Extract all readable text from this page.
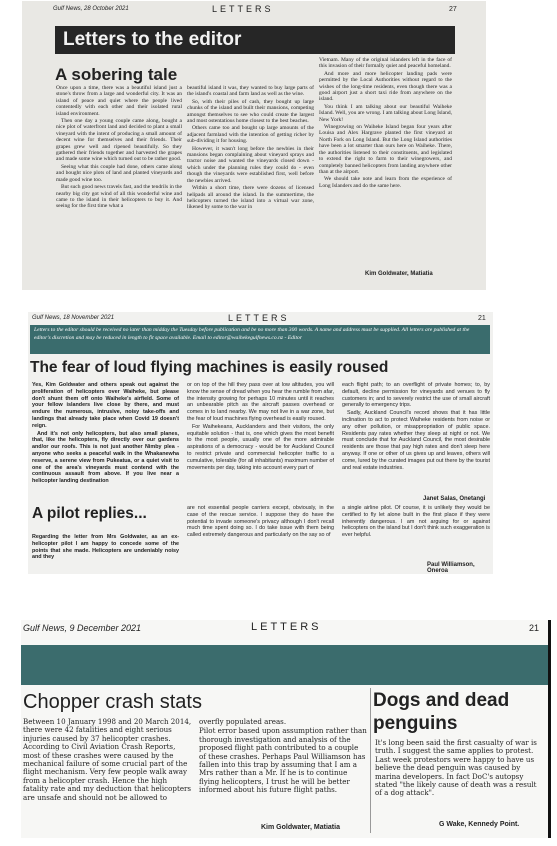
Gulf News, 28 October 2021	LETTERS	27
Letters to the editor
A sobering tale

Once upon a time, there was a beautiful island just a stone's throw from a large and wonderful city. It was an island of peace and quiet where the people lived contentedly with each other and their isolated rural island environment.

Then one day a young couple came along, bought a nice plot of waterfront land and decided to plant a small vineyard with the intent of producing a small amount of decent wine for themselves and their friends. Their grapes grew well and ripened beautifully. So they gathered their friends together and harvested the grapes and made some wine which turned out to be rather good.

Seeing what this couple had done, others came along and bought nice plots of land and planted vineyards and made good wine too.

But such good news travels fast, and the tendrils in the nearby big city got wind of all this wonderful wine and came to the island in their helicopters to buy it. And seeing for the first time what a

beautiful island it was, they wanted to buy large parts of the island's coastal and farm land as well as the wine.

So, with their piles of cash, they bought up large chunks of the island and built their mansions, competing amongst themselves to see who could create the largest and most ostentatious home closest to the best beaches.

Others came too and bought up large amounts of the adjacent farmland with the intention of getting richer by sub-dividing it for housing.

However, it wasn't long before the newbies in their mansions began complaining about vineyard sprays and tractor noise and wanted the vineyards closed down - which under the planning rules they could do - even though the vineyards were established first, well before the newbies arrived.

Within a short time, there were dozens of licensed helipads all around the island. In the summertime, the helicopters turned the island into a virtual war zone, likened by some to the war in

Vietnam. Many of the original islanders left in the face of this invasion of their formally quiet and peaceful homeland.

And more and more helicopter landing pads were permitted by the Local Authorities without regard to the wishes of the long-time residents, even though there was a good airport just a short taxi ride from anywhere on the island.

You think I am talking about our beautiful Waiheke Island. Well, you are wrong. I am talking about Long Island, New York!

Winegrowing on Waiheke Island began four years after Louisa and Alex Hargrave planted the first vineyard at North Fork on Long Island. But the Long Island authorities have been a lot smarter than ours here on Waiheke. There, the authorities listened to their constituents, and legislated to extend the right to farm to their winegrowers, and completely banned helicopters from landing anywhere other than at the airport.

We should take note and learn from the experience of Long Islanders and do the same here.

Kim Goldwater, Matiatia
Gulf News, 18 November 2021	LETTERS	21
Letters to the editor should be received no later than midday the Tuesday before publication and be no more than 300 words. A name and address must be supplied. All letters are published at the editor's discretion and may be reduced in length to fit space available. Email to editor@waihekegulfnews.co.nz - Editor
The fear of loud flying machines is easily roused

Yes, Kim Goldwater and others speak out against the proliferation of helicopters over Waiheke, but please don't shunt them off onto Waiheke's airfield. Some of your fellow islanders live close by there, and must endure the numerous, intrusive, noisy take-offs and landings that already take place when Covid 19 doesn't reign.

And it's not only helicopters, but also small planes, that, like the helicopters, fly directly over our gardens and/or our roofs. This is not just another Nimby plea - anyone who seeks a peaceful walk in the Whakanewha reserve, a serene view from Pukeatua, or a quiet visit to one of the area's vineyards must contend with the continuous assault from above. If you live near a helicopter landing destination

or on top of the hill they pass over at low altitudes, you will know the sense of dread when you hear the rumble from afar, the intensity growing for perhaps 10 minutes until it reaches an unbearable pitch as the aircraft passes overhead or comes in to land nearby. We may not live in a war zone, but the fear of loud machines flying overhead is easily roused.

For Waihekeans, Aucklanders and their visitors, the only equitable solution - that is, one which gives the most benefit to the most people, usually one of the more admirable aspirations of a democracy - would be for Auckland Council to restrict private and commercial helicopter traffic to a cumulative, tolerable (for all inhabitants) maximum number of movements per day, taking into account every part of

each flight path; to an overflight of private homes; to, by default, decline permission for vineyards and venues to fly customers in; and to severely restrict the use of small aircraft generally to emergency trips.

Sadly, Auckland Council's record shows that it has little inclination to act to protect Waiheke residents from noise or any other pollution, or misappropriation of public space. Residents pay rates whether they sleep at night or not. We must conclude that for Auckland Council, the most desirable residents are those that pay high rates and don't sleep here anyway. If one or other of us gives up and leaves, others will come, lured by the curated images put out there by the tourist and real estate industries.

Janet Salas, Onetangi
A pilot replies...

Regarding the letter from Mrs Goldwater, as an ex-helicopter pilot I am happy to concede some of the points that she made. Helicopters are undeniably noisy and they

are not essential people carriers except, obviously, in the case of the rescue service. I suppose they do have the potential to invade someone's privacy although I don't recall much time spent doing so. I do take issue with them being called extremely dangerous and particularly on the say so of

a single airline pilot. Of course, it is unlikely they would be certified to fly let alone built in the first place if they were inherently dangerous. I am not arguing for or against helicopters on the island but I don't think such exaggeration is ever helpful.

Paul Williamson, Oneroa
Gulf News, 9 December 2021	LETTERS	21
Chopper crash stats

Between 10 January 1998 and 20 March 2014, there were 42 fatalities and eight serious injuries caused by 37 helicopter crashes. According to Civil Aviation Crash Reports, most of these crashes were caused by the mechanical failure of some crucial part of the flight mechanism. Very few people walk away from a helicopter crash. Hence the high fatality rate and my deduction that helicopters are unsafe and should not be allowed to

overfly populated areas.

Pilot error based upon assumption rather than thorough investigation and analysis of the proposed flight path contributed to a couple of these crashes. Perhaps Paul Williamson has fallen into this trap by assuming that I am a Mrs rather than a Mr. If he is to continue flying helicopters, I trust he will be better informed about his future flight paths.

Kim Goldwater, Matiatia
Dogs and dead penguins

It's long been said the first casualty of war is truth. I suggest the same applies to protest. Last week protestors were happy to have us believe the dead penguin was caused by marina developers. In fact DoC's autopsy stated "the likely cause of death was a result of a dog attack".

G Wake, Kennedy Point.
